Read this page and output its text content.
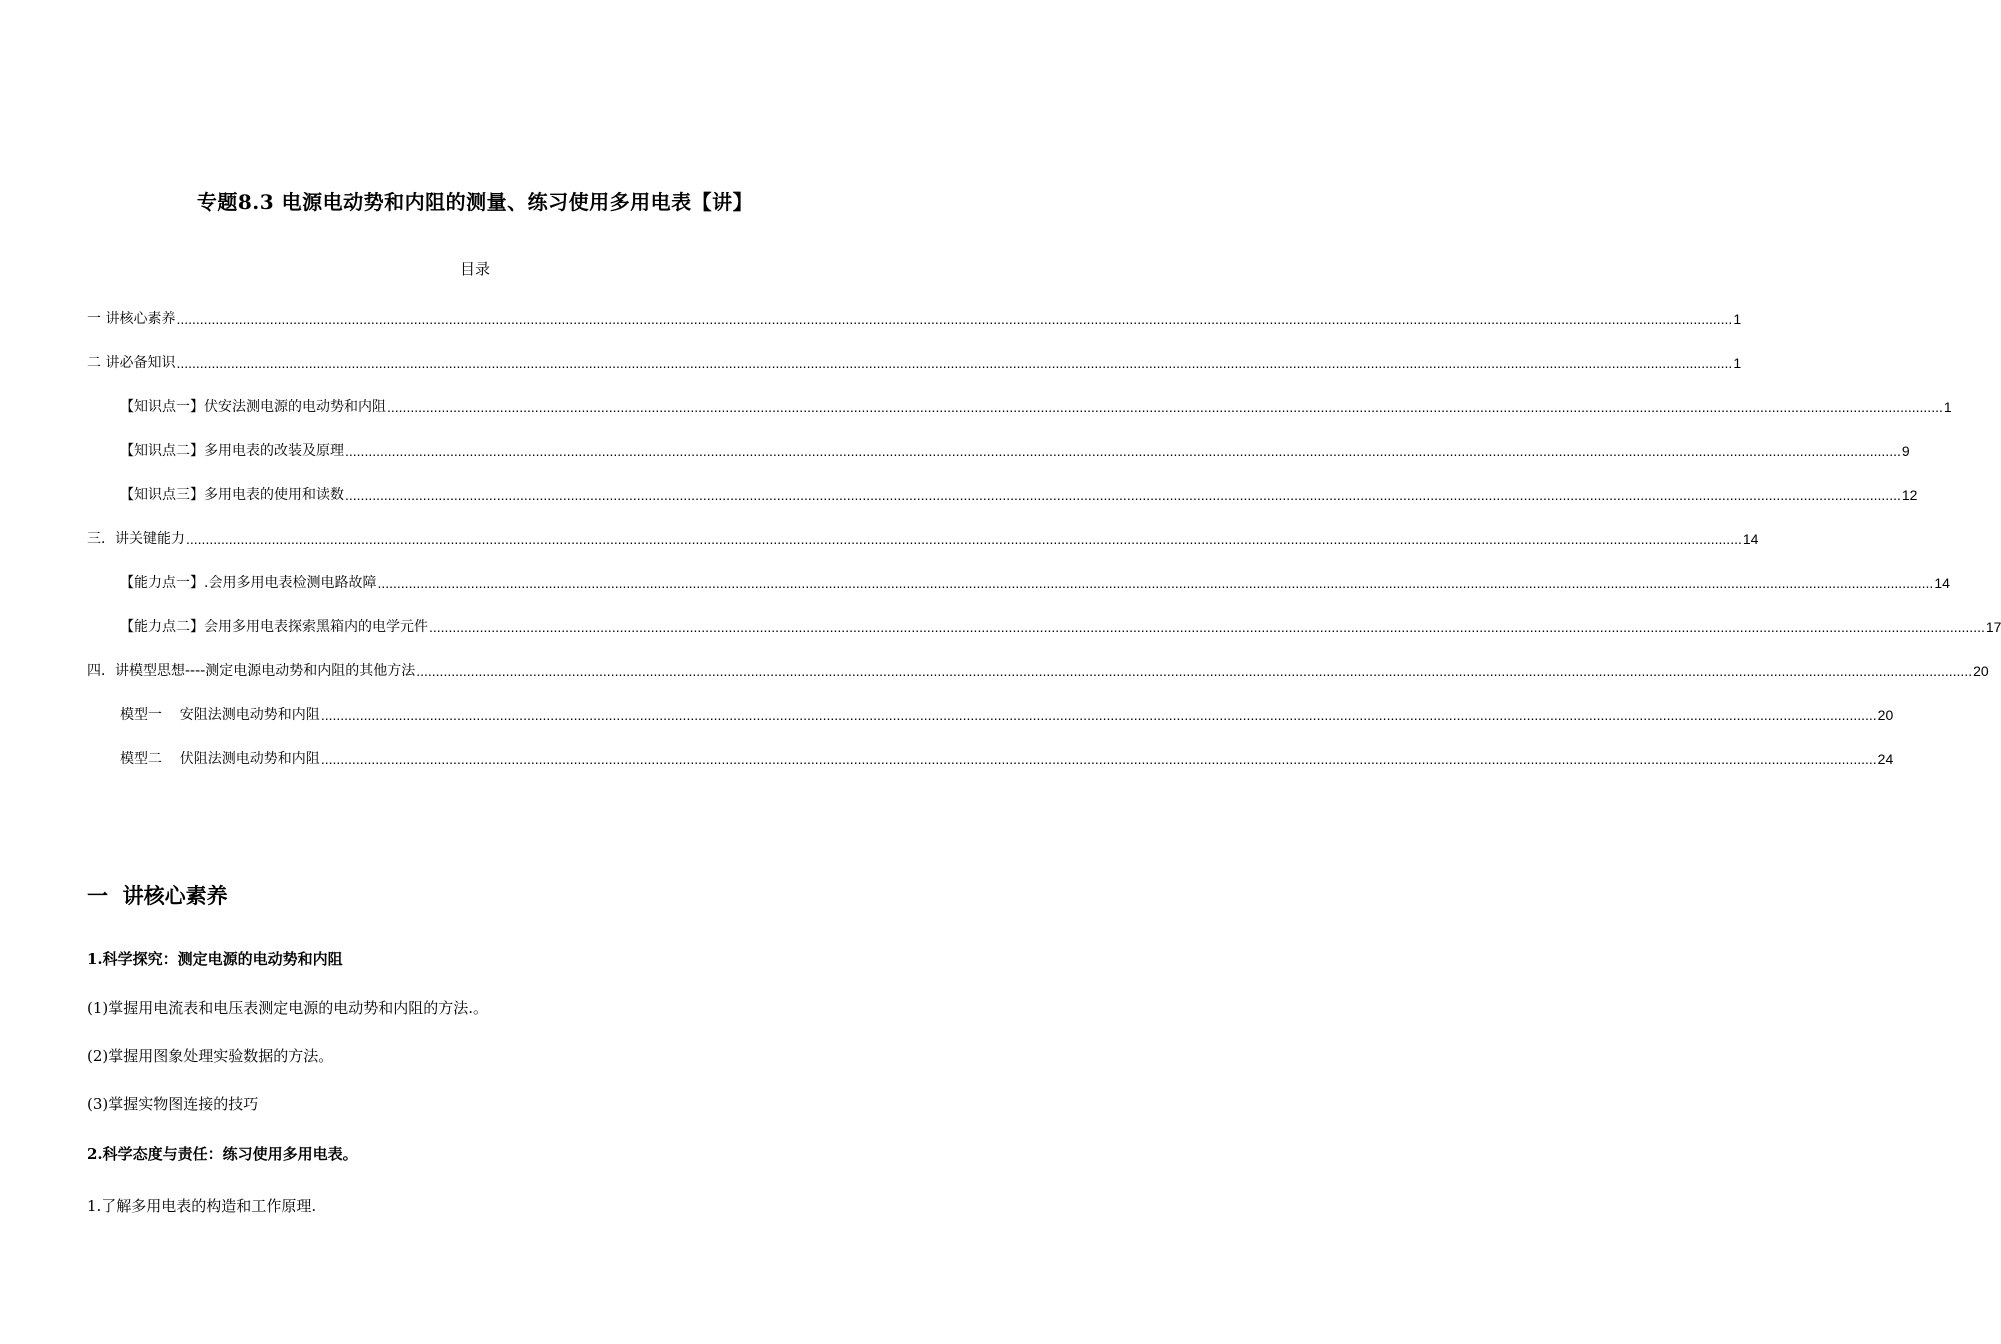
专题8.3 电源电动势和内阻的测量、练习使用多用电表【讲】
目录
一 讲核心素养 ................................................................................................................................................................................................................................................................................................................................................................................................................ 1
二 讲必备知识 ................................................................................................................................................................................................................................................................................................................................................................................................................ 1
【知识点一】伏安法测电源的电动势和内阻 ................................................................................................................................................................................................................................................................................................................................................................................................................ 1
【知识点二】多用电表的改装及原理 ................................................................................................................................................................................................................................................................................................................................................................................................................ 9
【知识点三】多用电表的使用和读数 ................................................................................................................................................................................................................................................................................................................................................................................................................ 12
三．讲关键能力 ................................................................................................................................................................................................................................................................................................................................................................................................................ 14
【能力点一】.会用多用电表检测电路故障 ................................................................................................................................................................................................................................................................................................................................................................................................................ 14
【能力点二】会用多用电表探索黑箱内的电学元件 ................................................................................................................................................................................................................................................................................................................................................................................................................ 17
四．讲模型思想----测定电源电动势和内阻的其他方法 ................................................................................................................................................................................................................................................................................................................................................................................................................ 20
模型一    安阻法测电动势和内阻 ................................................................................................................................................................................................................................................................................................................................................................................................................ 20
模型二    伏阻法测电动势和内阻 ................................................................................................................................................................................................................................................................................................................................................................................................................ 24
一  讲核心素养
1.科学探究：测定电源的电动势和内阻
(1)掌握用电流表和电压表测定电源的电动势和内阻的方法.。
(2)掌握用图象处理实验数据的方法。
(3)掌握实物图连接的技巧
2.科学态度与责任：练习使用多用电表。
1.了解多用电表的构造和工作原理.
